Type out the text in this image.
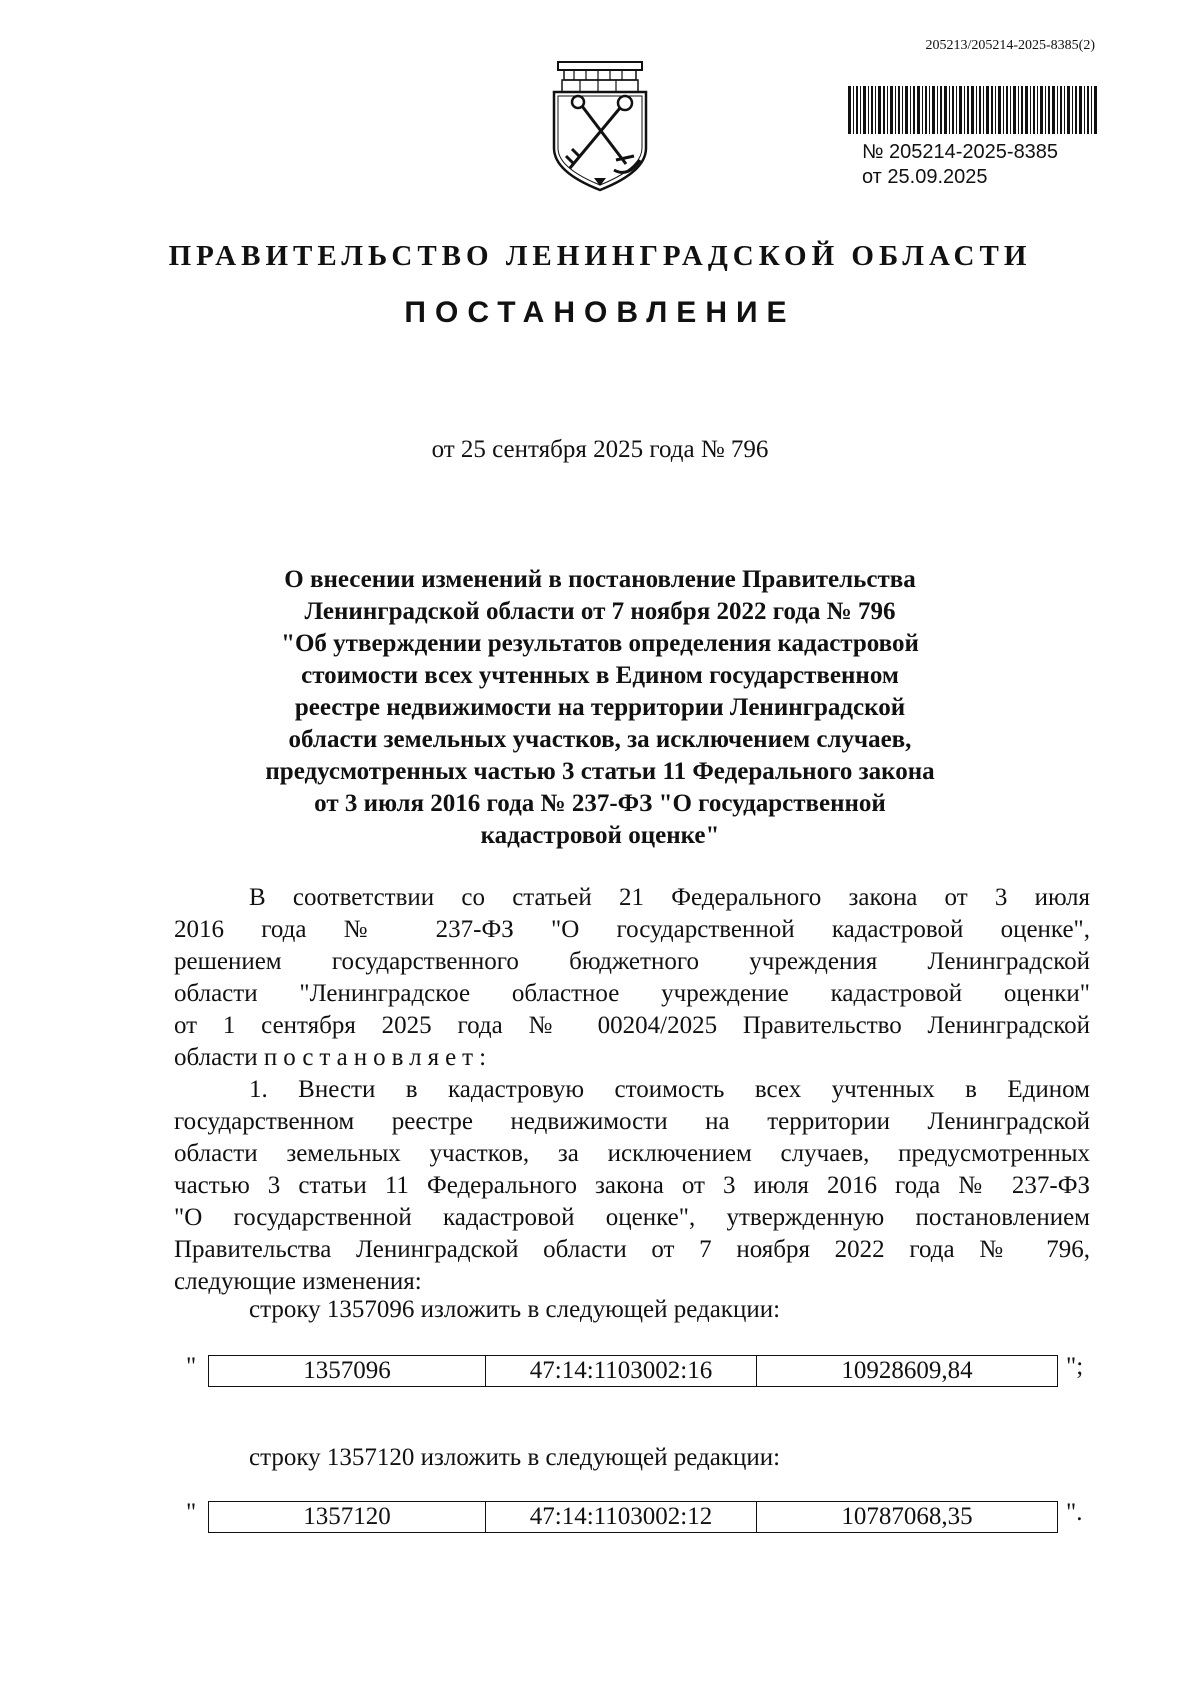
205213/205214-2025-8385(2)
№ 205214-2025-8385
от 25.09.2025
ПРАВИТЕЛЬСТВО ЛЕНИНГРАДСКОЙ ОБЛАСТИ
ПОСТАНОВЛЕНИЕ
от 25 сентября 2025 года № 796
О внесении изменений в постановление Правительства
Ленинградской области от 7 ноября 2022 года № 796
"Об утверждении результатов определения кадастровой
стоимости всех учтенных в Едином государственном
реестре недвижимости на территории Ленинградской
области земельных участков, за исключением случаев,
предусмотренных частью 3 статьи 11 Федерального закона
от 3 июля 2016 года № 237-ФЗ "О государственной
кадастровой оценке"

В соответствии со статьей 21 Федерального закона от 3 июля

2016 года № 237-ФЗ "О государственной кадастровой оценке",

решением государственного бюджетного учреждения Ленинградской

области "Ленинградское областное учреждение кадастровой оценки"

от 1 сентября 2025 года № 00204/2025 Правительство Ленинградской

области постановляет:

1. Внести в кадастровую стоимость всех учтенных в Едином

государственном реестре недвижимости на территории Ленинградской

области земельных участков, за исключением случаев, предусмотренных

частью 3 статьи 11 Федерального закона от 3 июля 2016 года № 237-ФЗ

"О государственной кадастровой оценке", утвержденную постановлением

Правительства Ленинградской области от 7 ноября 2022 года № 796,

следующие изменения:

строку 1357096 изложить в следующей редакции:
"	1357096	47:14:1103002:16	10928609,84	";
строку 1357120 изложить в следующей редакции:
"	1357120	47:14:1103002:12	10787068,35	".
